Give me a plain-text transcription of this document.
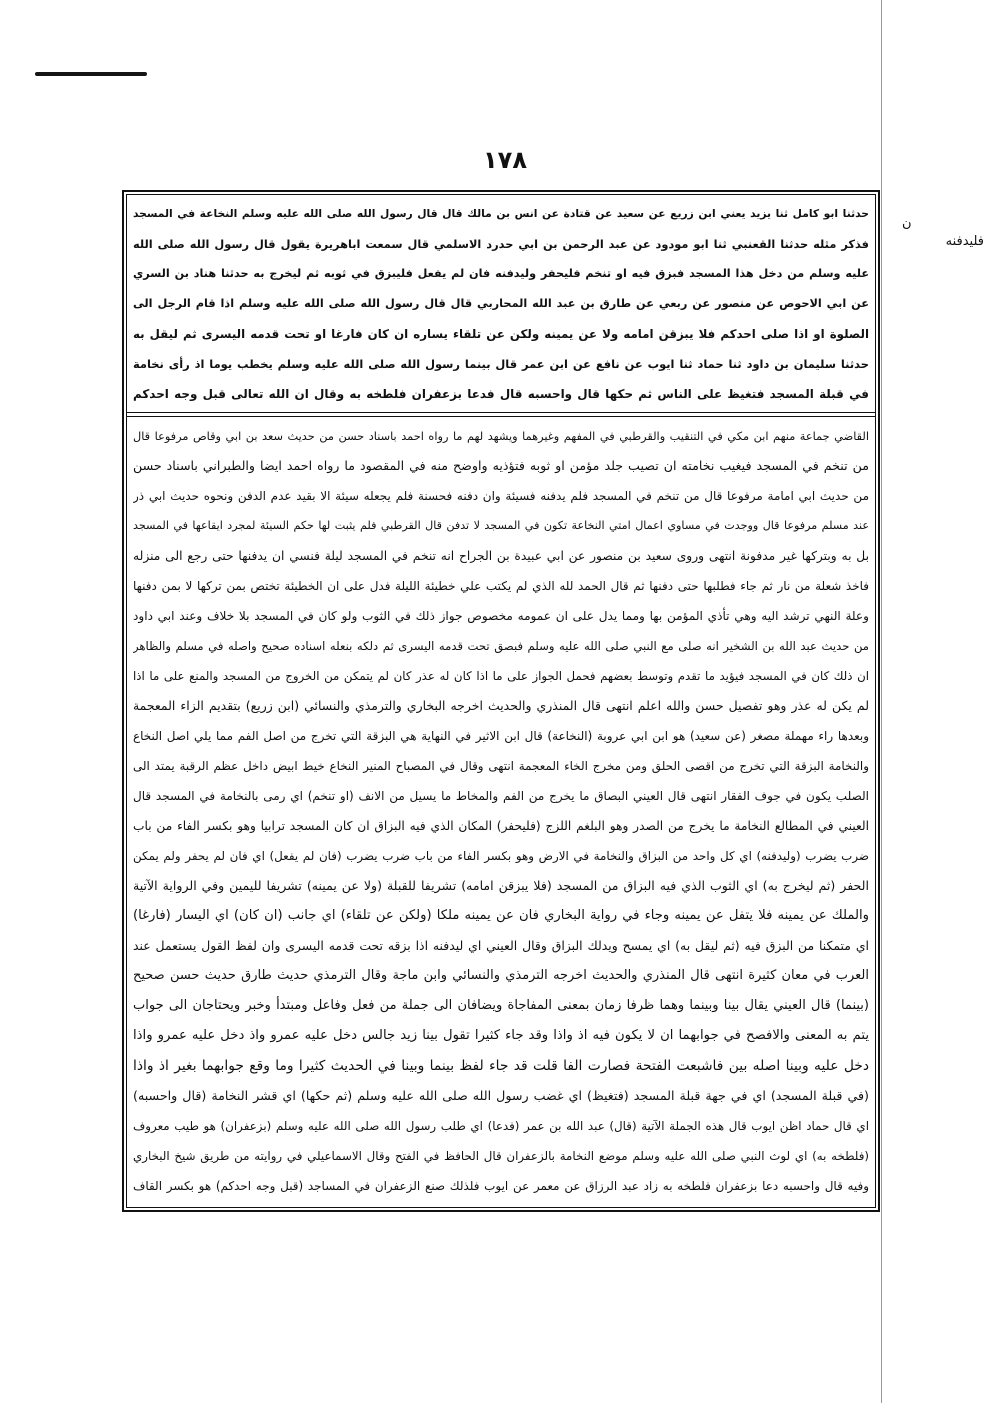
١٧٨
ن
فليدفنه
حدثنا ابو كامل ثنا يزيد يعني ابن زريع عن سعيد عن قتادة عن انس بن مالك قال قال رسول الله صلى الله عليه وسلم النخاعة في المسجد
فذكر مثله حدثنا القعنبي ثنا ابو مودود عن عبد الرحمن بن ابي حدرد الاسلمي قال سمعت اباهريرة يقول قال رسول الله صلى الله
عليه وسلم من دخل هذا المسجد فبزق فيه او تنخم فليحفر وليدفنه فان لم يفعل فليبزق في ثوبه ثم ليخرج به حدثنا هناد بن السري
عن ابي الاحوص عن منصور عن ربعي عن طارق بن عبد الله المحاربي قال قال رسول الله صلى الله عليه وسلم اذا قام الرجل الى
الصلوة او اذا صلى احدكم فلا يبزقن امامه ولا عن يمينه ولكن عن تلقاء يساره ان كان فارغا او تحت قدمه اليسرى ثم ليقل به
حدثنا سليمان بن داود ثنا حماد ثنا ايوب عن نافع عن ابن عمر قال بينما رسول الله صلى الله عليه وسلم يخطب يوما اذ رأى نخامة
في قبلة المسجد فتغيظ على الناس ثم حكها قال واحسبه قال فدعا بزعفران فلطخه به وقال ان الله تعالى قبل وجه احدكم
القاضي جماعة منهم ابن مكي في التنقيب والقرطبي في المفهم وغيرهما ويشهد لهم ما رواه احمد باسناد حسن من حديث سعد بن ابي وقاص مرفوعا قال
من تنخم في المسجد فيغيب نخامته ان تصيب جلد مؤمن او ثوبه فتؤذيه واوضح منه في المقصود ما رواه احمد ايضا والطبراني باسناد حسن
من حديث ابي امامة مرفوعا قال من تنخم في المسجد فلم يدفنه فسيئة وان دفنه فحسنة فلم يجعله سيئة الا بقيد عدم الدفن ونحوه حديث ابي ذر
عند مسلم مرفوعا قال ووجدت في مساوي اعمال امتي النخاعة تكون في المسجد لا تدفن قال القرطبي فلم يثبت لها حكم السيئة لمجرد ايقاعها في المسجد
بل به وبتركها غير مدفونة انتهى وروى سعيد بن منصور عن ابي عبيدة بن الجراح انه تنخم في المسجد ليلة فنسي ان يدفنها حتى رجع الى منزله
فاخذ شعلة من نار ثم جاء فطلبها حتى دفنها ثم قال الحمد لله الذي لم يكتب علي خطيئة الليلة فدل على ان الخطيئة تختص بمن تركها لا بمن دفنها
وعلة النهي ترشد اليه وهي تأذي المؤمن بها ومما يدل على ان عمومه مخصوص جواز ذلك في الثوب ولو كان في المسجد بلا خلاف وعند ابي داود
من حديث عبد الله بن الشخير انه صلى مع النبي صلى الله عليه وسلم فبصق تحت قدمه اليسرى ثم دلكه بنعله اسناده صحيح واصله في مسلم والظاهر
ان ذلك كان في المسجد فيؤيد ما تقدم وتوسط بعضهم فحمل الجواز على ما اذا كان له عذر كان لم يتمكن من الخروج من المسجد والمنع على ما اذا
لم يكن له عذر وهو تفصيل حسن والله اعلم انتهى قال المنذري والحديث اخرجه البخاري والترمذي والنسائي (ابن زريع) بتقديم الزاء المعجمة
وبعدها راء مهملة مصغر (عن سعيد) هو ابن ابي عروبة (النخاعة) قال ابن الاثير في النهاية هي البزقة التي تخرج من اصل الفم مما يلي اصل النخاع
والنخامة البزقة التي تخرج من اقصى الحلق ومن مخرج الخاء المعجمة انتهى وقال في المصباح المنير النخاع خيط ابيض داخل عظم الرقبة يمتد الى
الصلب يكون في جوف الفقار انتهى قال العيني البصاق ما يخرج من الفم والمخاط ما يسيل من الانف (او تنخم) اي رمى بالنخامة في المسجد قال
العيني في المطالع النخامة ما يخرج من الصدر وهو البلغم اللزج (فليحفر) المكان الذي فيه البزاق ان كان المسجد ترابيا وهو بكسر الفاء من باب
ضرب يضرب (وليدفنه) اي كل واحد من البزاق والنخامة في الارض وهو بكسر الفاء من باب ضرب يضرب (فان لم يفعل) اي فان لم يحفر ولم يمكن
الحفر (ثم ليخرج به) اي الثوب الذي فيه البزاق من المسجد (فلا يبزقن امامه) تشريفا للقبلة (ولا عن يمينه) تشريفا لليمين وفي الرواية الآتية
والملك عن يمينه فلا يتفل عن يمينه وجاء في رواية البخاري فان عن يمينه ملكا (ولكن عن تلقاء) اي جانب (ان كان) اي اليسار (فارغا)
اي متمكنا من البزق فيه (ثم ليقل به) اي يمسح ويدلك البزاق وقال العيني اي ليدفنه اذا بزقه تحت قدمه اليسرى وان لفظ القول يستعمل عند
العرب في معان كثيرة انتهى قال المنذري والحديث اخرجه الترمذي والنسائي وابن ماجة وقال الترمذي حديث طارق حديث حسن صحيح
(بينما) قال العيني يقال بينا وبينما وهما ظرفا زمان بمعنى المفاجاة ويضافان الى جملة من فعل وفاعل ومبتدأ وخبر ويحتاجان الى جواب
يتم به المعنى والافصح في جوابهما ان لا يكون فيه اذ واذا وقد جاء كثيرا تقول بينا زيد جالس دخل عليه عمرو واذ دخل عليه عمرو واذا
دخل عليه وبينا اصله بين فاشبعت الفتحة فصارت الفا قلت قد جاء لفظ بينما وبينا في الحديث كثيرا وما وقع جوابهما بغير اذ واذا
(في قبلة المسجد) اي في جهة قبلة المسجد (فتغيظ) اي غضب رسول الله صلى الله عليه وسلم (ثم حكها) اي قشر النخامة (قال واحسبه)
اي قال حماد اظن ايوب قال هذه الجملة الآتية (قال) عبد الله بن عمر (فدعا) اي طلب رسول الله صلى الله عليه وسلم (بزعفران) هو طيب معروف
(فلطخه به) اي لوث النبي صلى الله عليه وسلم موضع النخامة بالزعفران قال الحافظ في الفتح وقال الاسماعيلي في روايته من طريق شيخ البخاري
وفيه قال واحسبه دعا بزعفران فلطخه به زاد عبد الرزاق عن معمر عن ايوب فلذلك صنع الزعفران في المساجد (قبل وجه احدكم) هو بكسر القاف
